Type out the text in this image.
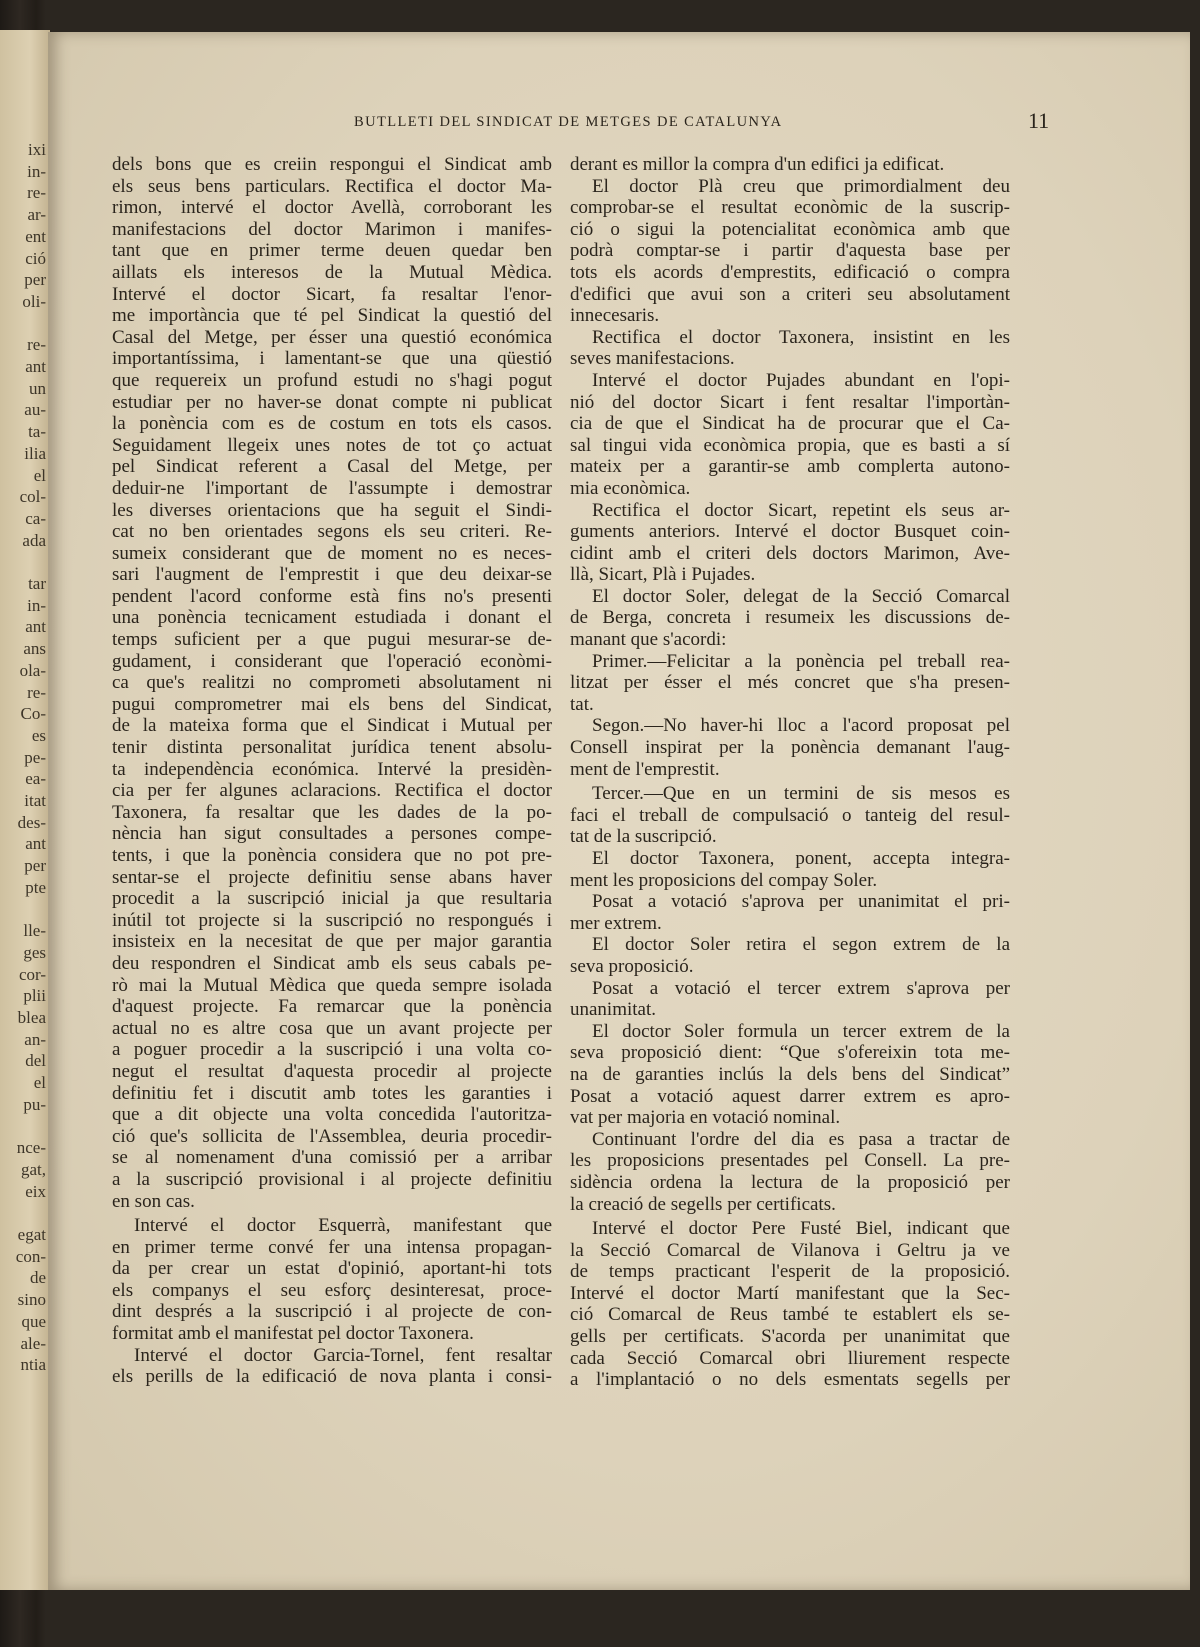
ixi
in-
re-
ar-
ent
ció
per
oli-
re-
ant
un
au-
ta-
ilia
el
col-
ca-
ada
tar
in-
ant
ans
ola-
re-
Co-
es
pe-
ea-
itat
des-
ant
per
pte
lle-
ges
cor-
plii
blea
an-
del
el
pu-
nce-
gat,
eix
egat
con-
de
sino
que
ale-
ntia
BUTLLETI DEL SINDICAT DE METGES DE CATALUNYA	11
dels bons que es creiin respongui el Sindicat amb
els seus bens particulars. Rectifica el doctor Ma-
rimon, intervé el doctor Avellà, corroborant les
manifestacions del doctor Marimon i manifes-
tant que en primer terme deuen quedar ben
aillats els interesos de la Mutual Mèdica.
Intervé el doctor Sicart, fa resaltar l'enor-
me importància que té pel Sindicat la questió del
Casal del Metge, per ésser una questió económica
importantíssima, i lamentant-se que una qüestió
que requereix un profund estudi no s'hagi pogut
estudiar per no haver-se donat compte ni publicat
la ponència com es de costum en tots els casos.
Seguidament llegeix unes notes de tot ço actuat
pel Sindicat referent a Casal del Metge, per
deduir-ne l'important de l'assumpte i demostrar
les diverses orientacions que ha seguit el Sindi-
cat no ben orientades segons els seu criteri. Re-
sumeix considerant que de moment no es neces-
sari l'augment de l'emprestit i que deu deixar-se
pendent l'acord conforme està fins no's presenti
una ponència tecnicament estudiada i donant el
temps suficient per a que pugui mesurar-se de-
gudament, i considerant que l'operació econòmi-
ca que's realitzi no comprometi absolutament ni
pugui comprometrer mai els bens del Sindicat,
de la mateixa forma que el Sindicat i Mutual per
tenir distinta personalitat jurídica tenent absolu-
ta independència económica. Intervé la presidèn-
cia per fer algunes aclaracions. Rectifica el doctor
Taxonera, fa resaltar que les dades de la po-
nència han sigut consultades a persones compe-
tents, i que la ponència considera que no pot pre-
sentar-se el projecte definitiu sense abans haver
procedit a la suscripció inicial ja que resultaria
inútil tot projecte si la suscripció no respongués i
insisteix en la necesitat de que per major garantia
deu respondren el Sindicat amb els seus cabals pe-
rò mai la Mutual Mèdica que queda sempre isolada
d'aquest projecte. Fa remarcar que la ponència
actual no es altre cosa que un avant projecte per
a poguer procedir a la suscripció i una volta co-
negut el resultat d'aquesta procedir al projecte
definitiu fet i discutit amb totes les garanties i
que a dit objecte una volta concedida l'autoritza-
ció que's sollicita de l'Assemblea, deuria procedir-
se al nomenament d'una comissió per a arribar
a la suscripció provisional i al projecte definitiu
en son cas.
Intervé el doctor Esquerrà, manifestant que
en primer terme convé fer una intensa propagan-
da per crear un estat d'opinió, aportant-hi tots
els companys el seu esforç desinteresat, proce-
dint després a la suscripció i al projecte de con-
formitat amb el manifestat pel doctor Taxonera.
Intervé el doctor Garcia-Tornel, fent resaltar
els perills de la edificació de nova planta i consi-
derant es millor la compra d'un edifici ja edificat.
El doctor Plà creu que primordialment deu
comprobar-se el resultat econòmic de la suscrip-
ció o sigui la potencialitat econòmica amb que
podrà comptar-se i partir d'aquesta base per
tots els acords d'emprestits, edificació o compra
d'edifici que avui son a criteri seu absolutament
innecesaris.
Rectifica el doctor Taxonera, insistint en les
seves manifestacions.
Intervé el doctor Pujades abundant en l'opi-
nió del doctor Sicart i fent resaltar l'importàn-
cia de que el Sindicat ha de procurar que el Ca-
sal tingui vida econòmica propia, que es basti a sí
mateix per a garantir-se amb complerta autono-
mia econòmica.
Rectifica el doctor Sicart, repetint els seus ar-
guments anteriors. Intervé el doctor Busquet coin-
cidint amb el criteri dels doctors Marimon, Ave-
llà, Sicart, Plà i Pujades.
El doctor Soler, delegat de la Secció Comarcal
de Berga, concreta i resumeix les discussions de-
manant que s'acordi:
Primer.—Felicitar a la ponència pel treball rea-
litzat per ésser el més concret que s'ha presen-
tat.
Segon.—No haver-hi lloc a l'acord proposat pel
Consell inspirat per la ponència demanant l'aug-
ment de l'emprestit.
Tercer.—Que en un termini de sis mesos es
faci el treball de compulsació o tanteig del resul-
tat de la suscripció.
El doctor Taxonera, ponent, accepta integra-
ment les proposicions del compay Soler.
Posat a votació s'aprova per unanimitat el pri-
mer extrem.
El doctor Soler retira el segon extrem de la
seva proposició.
Posat a votació el tercer extrem s'aprova per
unanimitat.
El doctor Soler formula un tercer extrem de la
seva proposició dient: “Que s'ofereixin tota me-
na de garanties inclús la dels bens del Sindicat”
Posat a votació aquest darrer extrem es apro-
vat per majoria en votació nominal.
Continuant l'ordre del dia es pasa a tractar de
les proposicions presentades pel Consell. La pre-
sidència ordena la lectura de la proposició per
la creació de segells per certificats.
Intervé el doctor Pere Fusté Biel, indicant que
la Secció Comarcal de Vilanova i Geltru ja ve
de temps practicant l'esperit de la proposició.
Intervé el doctor Martí manifestant que la Sec-
ció Comarcal de Reus també te establert els se-
gells per certificats. S'acorda per unanimitat que
cada Secció Comarcal obri lliurement respecte
a l'implantació o no dels esmentats segells per
